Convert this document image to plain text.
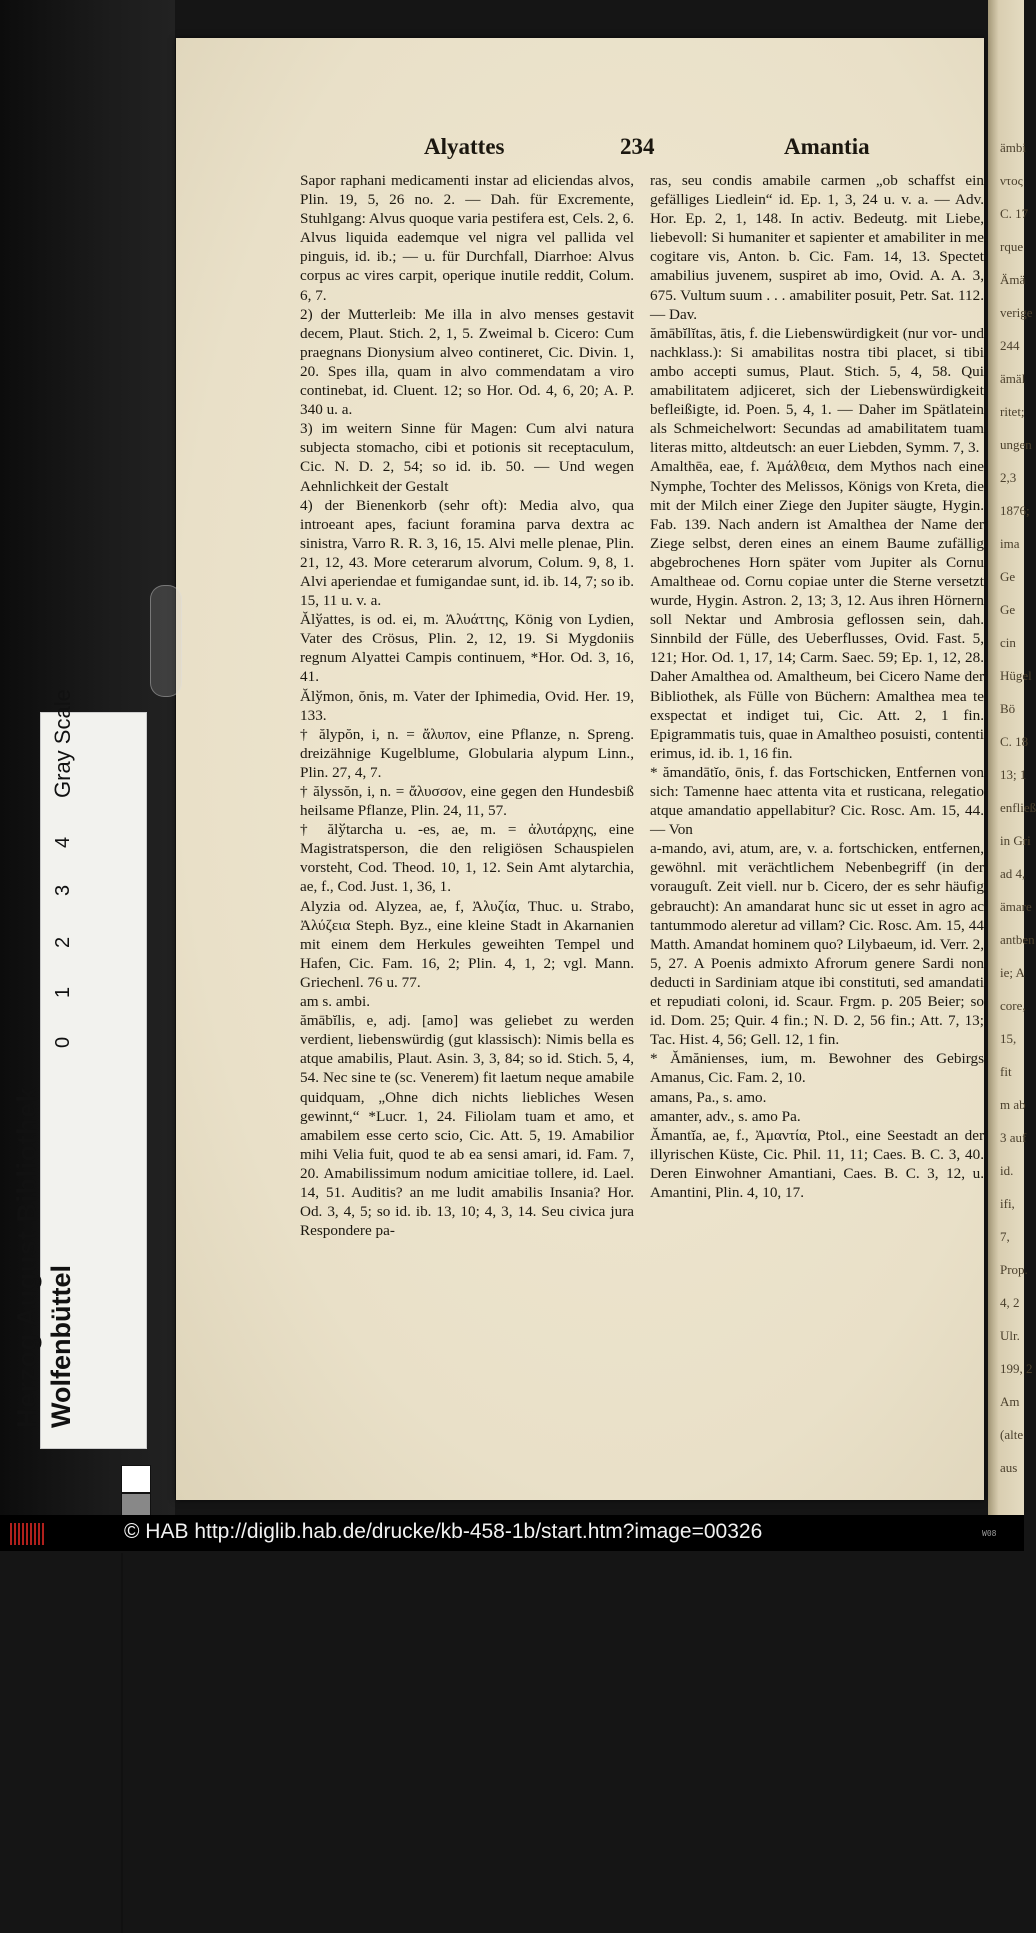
ämbi
ντος
C. 17
rque
Ämä
verige
244
ämäl
ritet;
ungen
2,3
1876;
ima
Ge
Ge
cin
Hügel
Bö
C. 18
13; 1
enfließ
in Gri
ad 4,
ämare
antben
ie; A
core,
15,
fit
m ab
3 auf
id.
ifi,
7,
Prop.
4, 2
Ulr.
199, 2
Am
(alte
aus
Alyattes	234	Amantia

Sapor raphani medicamenti instar ad eliciendas alvos, Plin. 19, 5, 26 no. 2. — Dah. für Excremente, Stuhlgang: Alvus quoque varia pestifera est, Cels. 2, 6. Alvus liquida eademque vel nigra vel pallida vel pinguis, id. ib.; — u. für Durchfall, Diarrhoe: Alvus corpus ac vires carpit, operique inutile reddit, Colum. 6, 7.

2) der Mutterleib: Me illa in alvo menses gestavit decem, Plaut. Stich. 2, 1, 5. Zweimal b. Cicero: Cum praegnans Dionysium alveo contineret, Cic. Divin. 1, 20. Spes illa, quam in alvo commendatam a viro continebat, id. Cluent. 12; so Hor. Od. 4, 6, 20; A. P. 340 u. a.

3) im weitern Sinne für Magen: Cum alvi natura subjecta stomacho, cibi et potionis sit receptaculum, Cic. N. D. 2, 54; so id. ib. 50. — Und wegen Aehnlichkeit der Gestalt

4) der Bienenkorb (sehr oft): Media alvo, qua introeant apes, faciunt foramina parva dextra ac sinistra, Varro R. R. 3, 16, 15. Alvi melle plenae, Plin. 21, 12, 43. More ceterarum alvorum, Colum. 9, 8, 1. Alvi aperiendae et fumigandae sunt, id. ib. 14, 7; so ib. 15, 11 u. v. a.

Ălўattes, is od. ei, m. Ἀλυάττης, König von Lydien, Vater des Crösus, Plin. 2, 12, 19. Si Mygdoniis regnum Alyattei Campis continuem, *Hor. Od. 3, 16, 41.

Ălўmon, ŏnis, m. Vater der Iphimedia, Ovid. Her. 19, 133.

† ălypŏn, i, n. = ἄλυπον, eine Pflanze, n. Spreng. dreizähnige Kugelblume, Globularia alypum Linn., Plin. 27, 4, 7.

† ălyssŏn, i, n. = ἄλυσσον, eine gegen den Hundesbiß heilsame Pflanze, Plin. 24, 11, 57.

† ălўtarcha u. -es, ae, m. = ἀλυτάρχης, eine Magistratsperson, die den religiösen Schauspielen vorsteht, Cod. Theod. 10, 1, 12. Sein Amt alytarchia, ae, f., Cod. Just. 1, 36, 1.

Alyzia od. Alyzea, ae, f, Ἀλυζία, Thuc. u. Strabo, Ἀλύζεια Steph. Byz., eine kleine Stadt in Akarnanien mit einem dem Herkules geweihten Tempel und Hafen, Cic. Fam. 16, 2; Plin. 4, 1, 2; vgl. Mann. Griechenl. 76 u. 77.

am s. ambi.

ămābĭlis, e, adj. [amo] was geliebet zu werden verdient, liebenswürdig (gut klassisch): Nimis bella es atque amabilis, Plaut. Asin. 3, 3, 84; so id. Stich. 5, 4, 54. Nec sine te (sc. Venerem) fit laetum neque amabile quidquam, „Ohne dich nichts liebliches Wesen gewinnt,“ *Lucr. 1, 24. Filiolam tuam et amo, et amabilem esse certo scio, Cic. Att. 5, 19. Amabilior mihi Velia fuit, quod te ab ea sensi amari, id. Fam. 7, 20. Amabilissimum nodum amicitiae tollere, id. Lael. 14, 51. Auditis? an me ludit amabilis Insania? Hor. Od. 3, 4, 5; so id. ib. 13, 10; 4, 3, 14. Seu civica jura Respondere pa-

ras, seu condis amabile carmen „ob schaffst ein gefälliges Liedlein“ id. Ep. 1, 3, 24 u. v. a. — Adv. Hor. Ep. 2, 1, 148. In activ. Bedeutg. mit Liebe, liebevoll: Si humaniter et sapienter et amabiliter in me cogitare vis, Anton. b. Cic. Fam. 14, 13. Spectet amabilius juvenem, suspiret ab imo, Ovid. A. A. 3, 675. Vultum suum . . . amabiliter posuit, Petr. Sat. 112. — Dav.

ămābĭlĭtas, ātis, f. die Liebenswürdigkeit (nur vor- und nachklass.): Si amabilitas nostra tibi placet, si tibi ambo accepti sumus, Plaut. Stich. 5, 4, 58. Qui amabilitatem adjiceret, sich der Liebenswürdigkeit befleißigte, id. Poen. 5, 4, 1. — Daher im Spätlatein als Schmeichelwort: Secundas ad amabilitatem tuam literas mitto, altdeutsch: an euer Liebden, Symm. 7, 3.

Amalthēa, eae, f. Ἀμάλθεια, dem Mythos nach eine Nymphe, Tochter des Melissos, Königs von Kreta, die mit der Milch einer Ziege den Jupiter säugte, Hygin. Fab. 139. Nach andern ist Amalthea der Name der Ziege selbst, deren eines an einem Baume zufällig abgebrochenes Horn später vom Jupiter als Cornu Amaltheae od. Cornu copiae unter die Sterne versetzt wurde, Hygin. Astron. 2, 13; 3, 12. Aus ihren Hörnern soll Nektar und Ambrosia geflossen sein, dah. Sinnbild der Fülle, des Ueberflusses, Ovid. Fast. 5, 121; Hor. Od. 1, 17, 14; Carm. Saec. 59; Ep. 1, 12, 28. Daher Amalthea od. Amaltheum, bei Cicero Name der Bibliothek, als Fülle von Büchern: Amalthea mea te exspectat et indiget tui, Cic. Att. 2, 1 fin. Epigrammatis tuis, quae in Amaltheo posuisti, contenti erimus, id. ib. 1, 16 fin.

* ămandātĭo, ōnis, f. das Fortschicken, Entfernen von sich: Tamenne haec attenta vita et rusticana, relegatio atque amandatio appellabitur? Cic. Rosc. Am. 15, 44. — Von

a-mando, avi, atum, are, v. a. fortschicken, entfernen, gewöhnl. mit verächtlichem Nebenbegriff (in der vorauguſt. Zeit viell. nur b. Cicero, der es sehr häufig gebraucht): An amandarat hunc sic ut esset in agro ac tantummodo aleretur ad villam? Cic. Rosc. Am. 15, 44 Matth. Amandat hominem quo? Lilybaeum, id. Verr. 2, 5, 27. A Poenis admixto Afrorum genere Sardi non deducti in Sardiniam atque ibi constituti, sed amandati et repudiati coloni, id. Scaur. Frgm. p. 205 Beier; so id. Dom. 25; Quir. 4 fin.; N. D. 2, 56 fin.; Att. 7, 13; Tac. Hist. 4, 56; Gell. 12, 1 fin.

* Ămănienses, ium, m. Bewohner des Gebirgs Amanus, Cic. Fam. 2, 10.

amans, Pa., s. amo.

amanter, adv., s. amo Pa.

Ămantĭa, ae, f., Ἀμαντία, Ptol., eine Seestadt an der illyrischen Küste, Cic. Phil. 11, 11; Caes. B. C. 3, 40. Deren Einwohner Amantiani, Caes. B. C. 3, 12, u. Amantini, Plin. 4, 10, 17.

Gray Scale
0
1
2
3
4
Herzog August Bibliothek Wolfenbüttel
© HAB http://diglib.hab.de/drucke/kb-458-1b/start.htm?image=00326	W08
